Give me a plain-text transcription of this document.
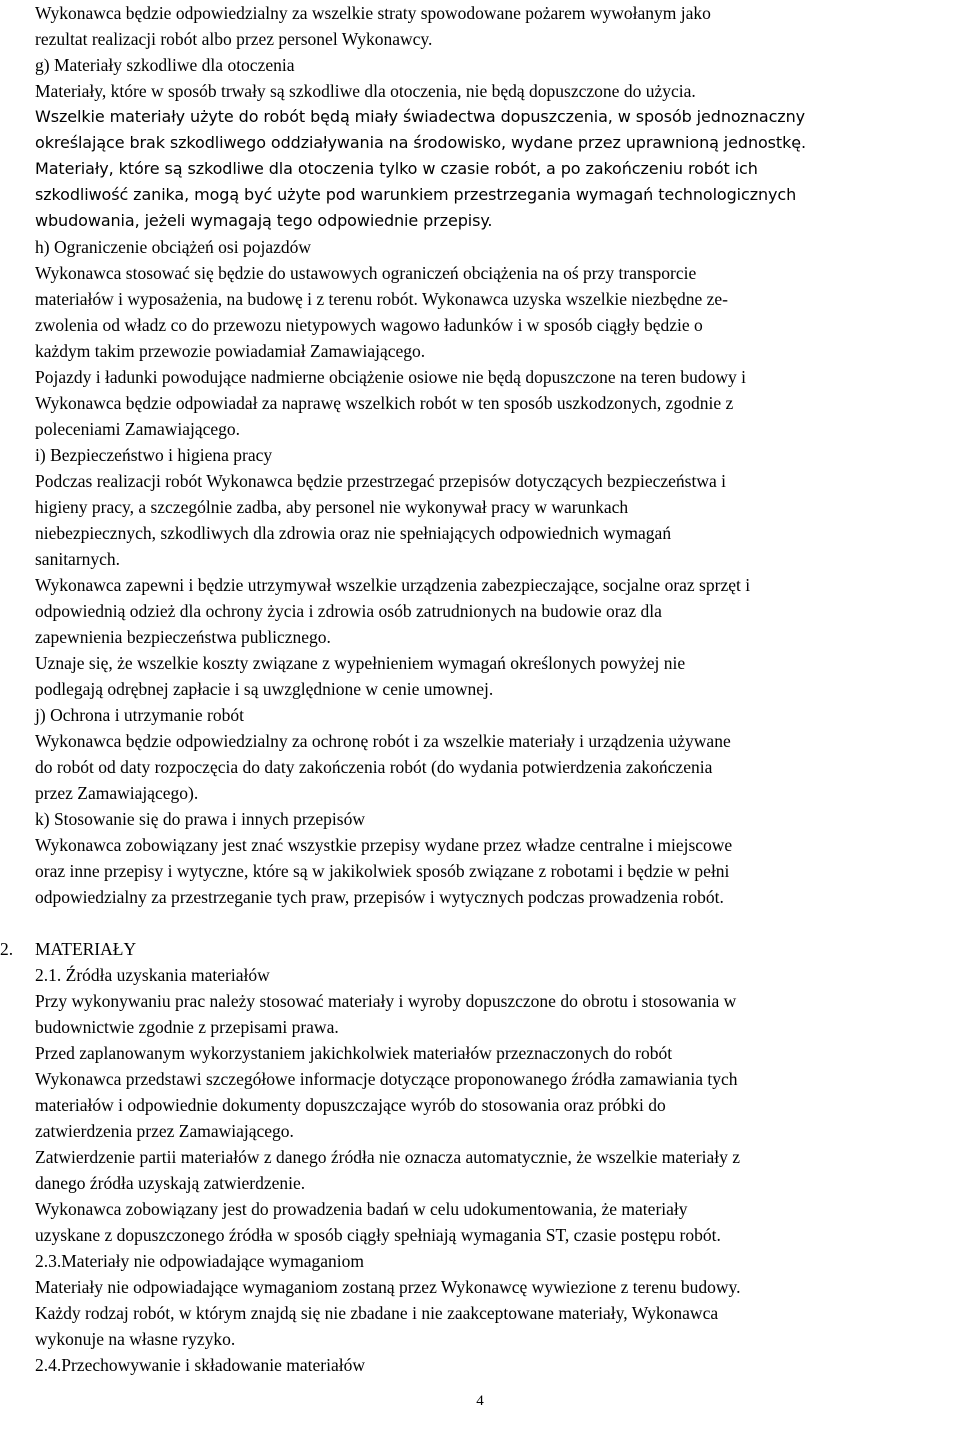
Wykonawca będzie odpowiedzialny za wszelkie straty spowodowane pożarem wywołanym jako

rezultat realizacji robót albo przez personel Wykonawcy.

g) Materiały szkodliwe dla otoczenia

Materiały, które w sposób trwały są szkodliwe dla otoczenia, nie będą dopuszczone do użycia.

Wszelkie materiały użyte do robót będą miały świadectwa dopuszczenia, w sposób jednoznaczny

określające brak szkodliwego oddziaływania na środowisko, wydane przez uprawnioną jednostkę.

Materiały, które są szkodliwe dla otoczenia tylko w czasie robót, a po zakończeniu robót ich

szkodliwość zanika, mogą być użyte pod warunkiem przestrzegania wymagań technologicznych

wbudowania, jeżeli wymagają tego odpowiednie przepisy.

h) Ograniczenie obciążeń osi pojazdów

Wykonawca stosować się będzie do ustawowych ograniczeń obciążenia na oś przy transporcie

materiałów i wyposażenia, na budowę i z terenu robót. Wykonawca uzyska wszelkie niezbędne ze-

zwolenia od władz co do przewozu nietypowych wagowo ładunków i w sposób ciągły będzie o

każdym takim przewozie powiadamiał Zamawiającego.

Pojazdy i ładunki powodujące nadmierne obciążenie osiowe nie będą dopuszczone na teren budowy i

Wykonawca będzie odpowiadał za naprawę wszelkich robót w ten sposób uszkodzonych, zgodnie z

poleceniami Zamawiającego.

i) Bezpieczeństwo i higiena pracy

Podczas realizacji robót Wykonawca będzie przestrzegać przepisów dotyczących bezpieczeństwa i

higieny pracy, a szczególnie zadba, aby personel nie wykonywał pracy w warunkach

niebezpiecznych, szkodliwych dla zdrowia oraz nie spełniających odpowiednich wymagań

sanitarnych.

Wykonawca zapewni i będzie utrzymywał wszelkie urządzenia zabezpieczające, socjalne oraz sprzęt i

odpowiednią odzież dla ochrony życia i zdrowia osób zatrudnionych na budowie oraz dla

zapewnienia bezpieczeństwa publicznego.

Uznaje się, że wszelkie koszty związane z wypełnieniem wymagań określonych powyżej nie

podlegają odrębnej zapłacie i są uwzględnione w cenie umownej.

j) Ochrona i utrzymanie robót

Wykonawca będzie odpowiedzialny za ochronę robót i za wszelkie materiały i urządzenia używane

do robót od daty rozpoczęcia do daty zakończenia robót (do wydania potwierdzenia zakończenia

przez Zamawiającego).

k) Stosowanie się do prawa i innych przepisów

Wykonawca zobowiązany jest znać wszystkie przepisy wydane przez władze centralne i miejscowe

oraz inne przepisy i wytyczne, które są w jakikolwiek sposób związane z robotami i będzie w pełni

odpowiedzialny za przestrzeganie tych praw, przepisów i wytycznych podczas prowadzenia robót.

2. MATERIAŁY

2.1. Źródła uzyskania materiałów

Przy wykonywaniu prac należy stosować materiały i wyroby dopuszczone do obrotu i stosowania w

budownictwie zgodnie z przepisami prawa.

Przed zaplanowanym wykorzystaniem jakichkolwiek materiałów przeznaczonych do robót

Wykonawca przedstawi szczegółowe informacje dotyczące proponowanego źródła zamawiania tych

materiałów i odpowiednie dokumenty dopuszczające wyrób do stosowania oraz próbki do

zatwierdzenia przez Zamawiającego.

Zatwierdzenie partii materiałów z danego źródła nie oznacza automatycznie, że wszelkie materiały z

danego źródła uzyskają zatwierdzenie.

Wykonawca zobowiązany jest do prowadzenia badań w celu udokumentowania, że materiały

uzyskane z dopuszczonego źródła w sposób ciągły spełniają wymagania ST, czasie postępu robót.

2.3.Materiały nie odpowiadające wymaganiom

Materiały nie odpowiadające wymaganiom zostaną przez Wykonawcę wywiezione z terenu budowy.

Każdy rodzaj robót, w którym znajdą się nie zbadane i nie zaakceptowane materiały, Wykonawca

wykonuje na własne ryzyko.

2.4.Przechowywanie i składowanie materiałów

4
